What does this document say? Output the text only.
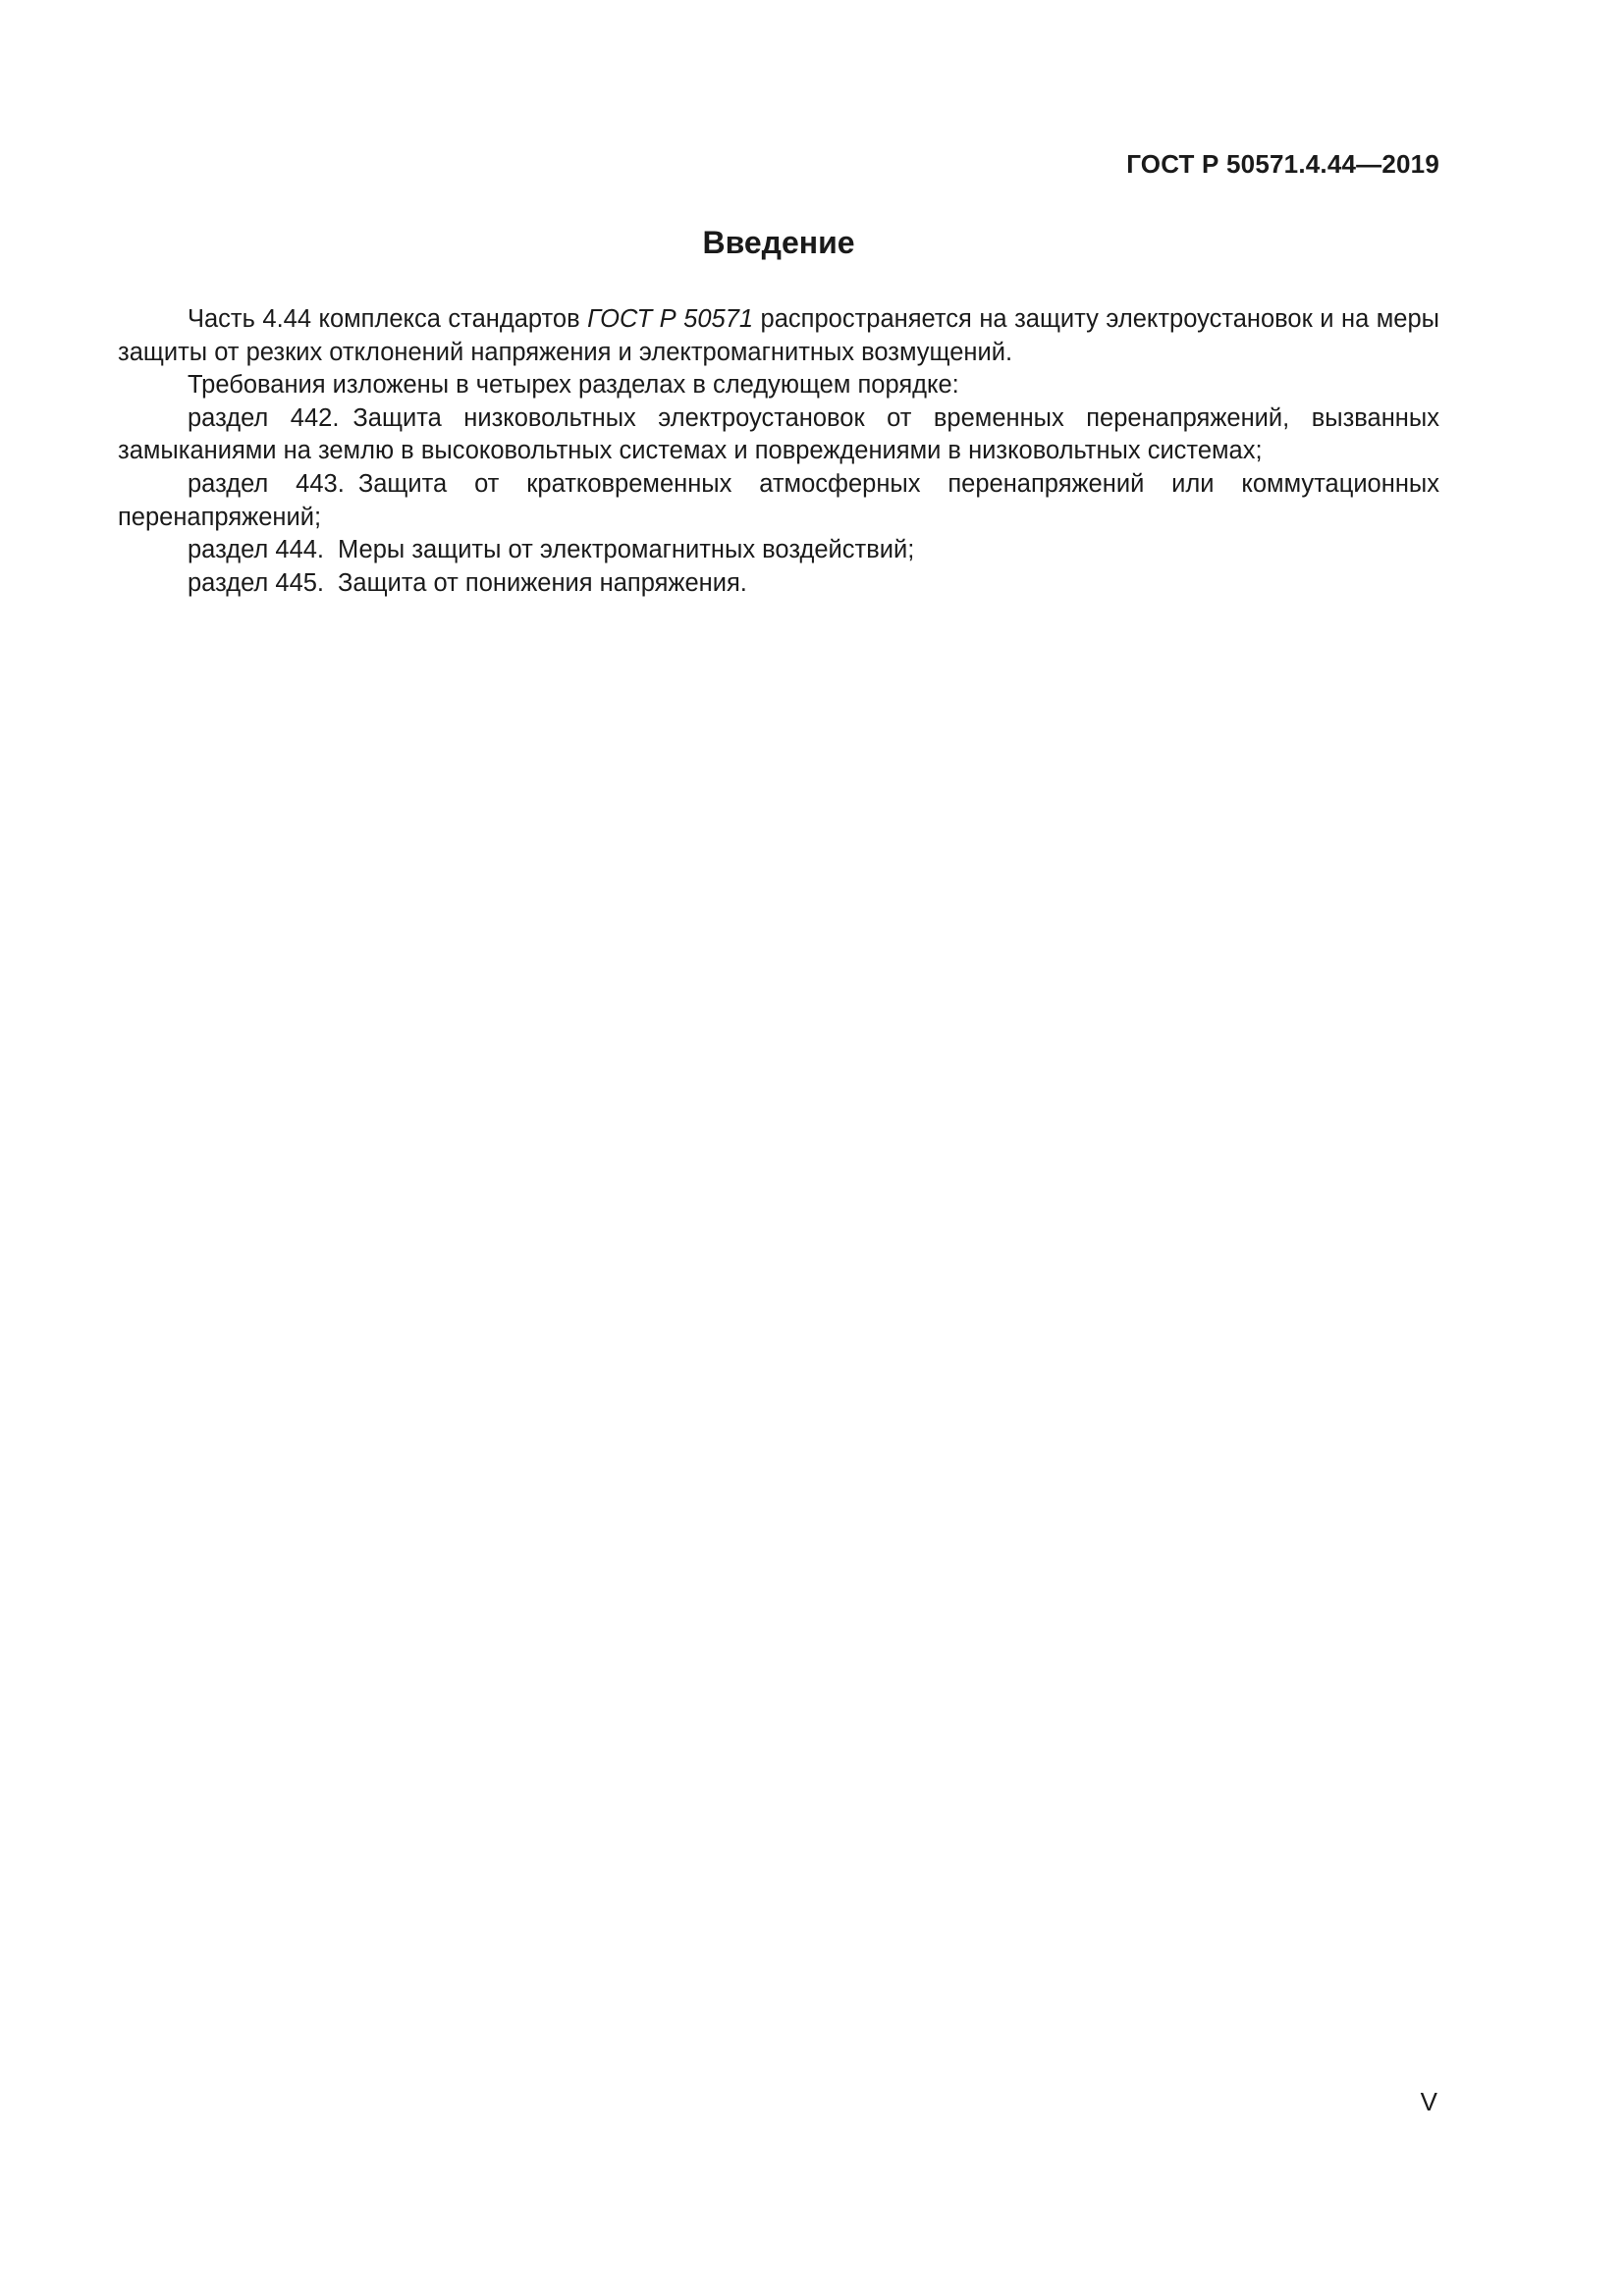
ГОСТ Р 50571.4.44—2019

Введение

Часть 4.44 комплекса стандартов ГОСТ Р 50571 распространяется на защиту электроустановок и на меры защиты от резких отклонений напряжения и электромагнитных возмущений.

Требования изложены в четырех разделах в следующем порядке:

раздел 442. Защита низковольтных электроустановок от временных перенапряжений, вызванных замыканиями на землю в высоковольтных системах и повреждениями в низковольтных системах;

раздел 443. Защита от кратковременных атмосферных перенапряжений или коммутационных перенапряжений;

раздел 444. Меры защиты от электромагнитных воздействий;

раздел 445. Защита от понижения напряжения.

V
